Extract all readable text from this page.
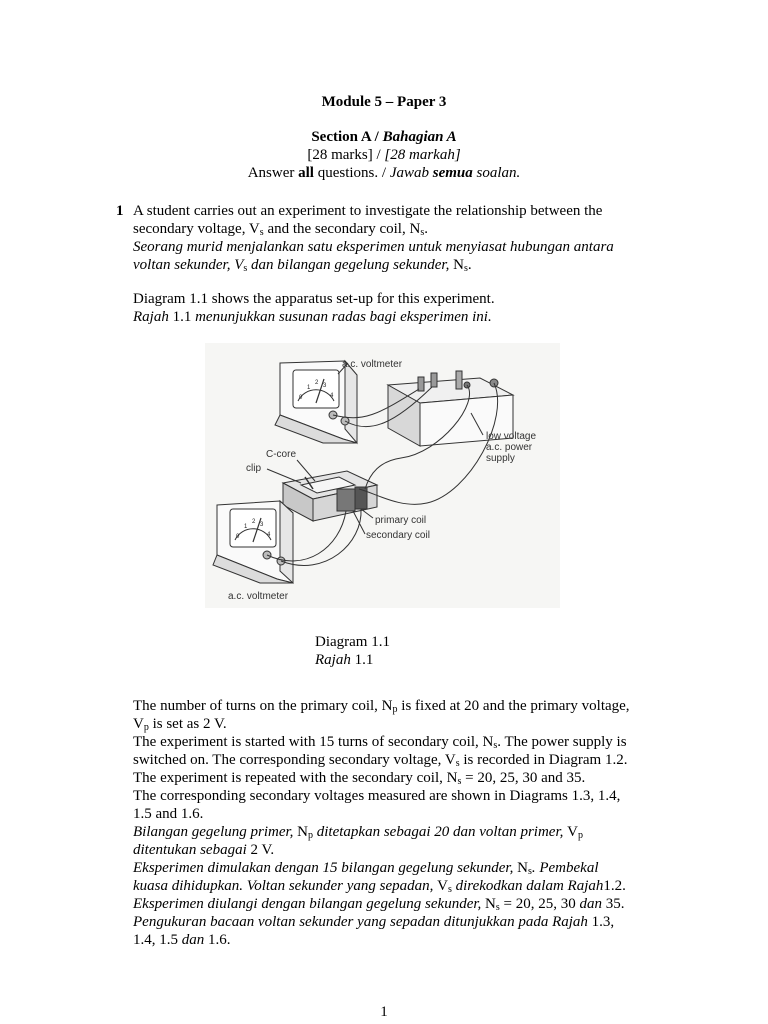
Module 5 – Paper 3
Section A / Bahagian A
[28 marks] / [28 markah]
Answer all questions. / Jawab semua soalan.
1 A student carries out an experiment to investigate the relationship between the
secondary voltage, $V_s$ and the secondary coil, $N_s$.
Seorang murid menjalankan satu eksperimen untuk menyiasat hubungan antara
voltan sekunder, $V_s$ dan bilangan gegelung sekunder, $N_s$.
Diagram 1.1 shows the apparatus set-up for this experiment.
Rajah 1.1 menunjukkan susunan radas bagi eksperimen ini.
0
1
2 3
4
0
1
2 3
4
a.c. voltmeter
low voltage
a.c. power
supply
C-core
clip
primary coil
secondary coil
a.c. voltmeter
Diagram 1.1
Rajah 1.1
The number of turns on the primary coil, $N_p$ is fixed at 20 and the primary voltage,
$V_p$ is set as 2 V.
The experiment is started with 15 turns of secondary coil, $N_s$. The power supply is
switched on. The corresponding secondary voltage, $V_s$ is recorded in Diagram 1.2.
The experiment is repeated with the secondary coil, $N_s = 20$, 25, 30 and 35.
The corresponding secondary voltages measured are shown in Diagrams 1.3, 1.4,
1.5 and 1.6.
Bilangan gegelung primer, $N_p$ ditetapkan sebagai 20 dan voltan primer, $V_p$
ditentukan sebagai 2 V.
Eksperimen dimulakan dengan 15 bilangan gegelung sekunder, $N_s$. Pembekal
kuasa dihidupkan. Voltan sekunder yang sepadan, $V_s$ direkodkan dalam Rajah1.2.
Eksperimen diulangi dengan bilangan gegelung sekunder, $N_s = 20$, 25, 30 dan 35.
Pengukuran bacaan voltan sekunder yang sepadan ditunjukkan pada Rajah 1.3,
1.4, 1.5 dan 1.6.
1
